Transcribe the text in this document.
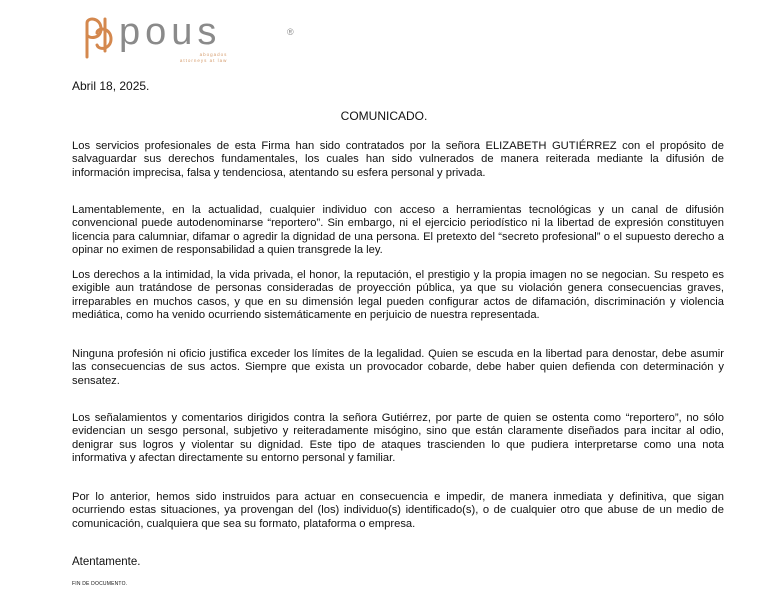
pous	®
abogados
attorneys at law
Abril 18, 2025.
COMUNICADO.

Los servicios profesionales de esta Firma han sido contratados por la señora ELIZABETH GUTIÉRREZ con el propósito de salvaguardar sus derechos fundamentales, los cuales han sido vulnerados de manera reiterada mediante la difusión de información imprecisa, falsa y tendenciosa, atentando su esfera personal y privada.

Lamentablemente, en la actualidad, cualquier individuo con acceso a herramientas tecnológicas y un canal de difusión convencional puede autodenominarse “reportero”. Sin embargo, ni el ejercicio periodístico ni la libertad de expresión constituyen licencia para calumniar, difamar o agredir la dignidad de una persona. El pretexto del “secreto profesional” o el supuesto derecho a opinar no eximen de responsabilidad a quien transgrede la ley.

Los derechos a la intimidad, la vida privada, el honor, la reputación, el prestigio y la propia imagen no se negocian. Su respeto es exigible aun tratándose de personas consideradas de proyección pública, ya que su violación genera consecuencias graves, irreparables en muchos casos, y que en su dimensión legal pueden configurar actos de difamación, discriminación y violencia mediática, como ha venido ocurriendo sistemáticamente en perjuicio de nuestra representada.

Ninguna profesión ni oficio justifica exceder los límites de la legalidad. Quien se escuda en la libertad para denostar, debe asumir las consecuencias de sus actos. Siempre que exista un provocador cobarde, debe haber quien defienda con determinación y sensatez.

Los señalamientos y comentarios dirigidos contra la señora Gutiérrez, por parte de quien se ostenta como “reportero”, no sólo evidencian un sesgo personal, subjetivo y reiteradamente misógino, sino que están claramente diseñados para incitar al odio, denigrar sus logros y violentar su dignidad. Este tipo de ataques trascienden lo que pudiera interpretarse como una nota informativa y afectan directamente su entorno personal y familiar.

Por lo anterior, hemos sido instruidos para actuar en consecuencia e impedir, de manera inmediata y definitiva, que sigan ocurriendo estas situaciones, ya provengan del (los) individuo(s) identificado(s), o de cualquier otro que abuse de un medio de comunicación, cualquiera que sea su formato, plataforma o empresa.

Atentamente.
FIN DE DOCUMENTO.
